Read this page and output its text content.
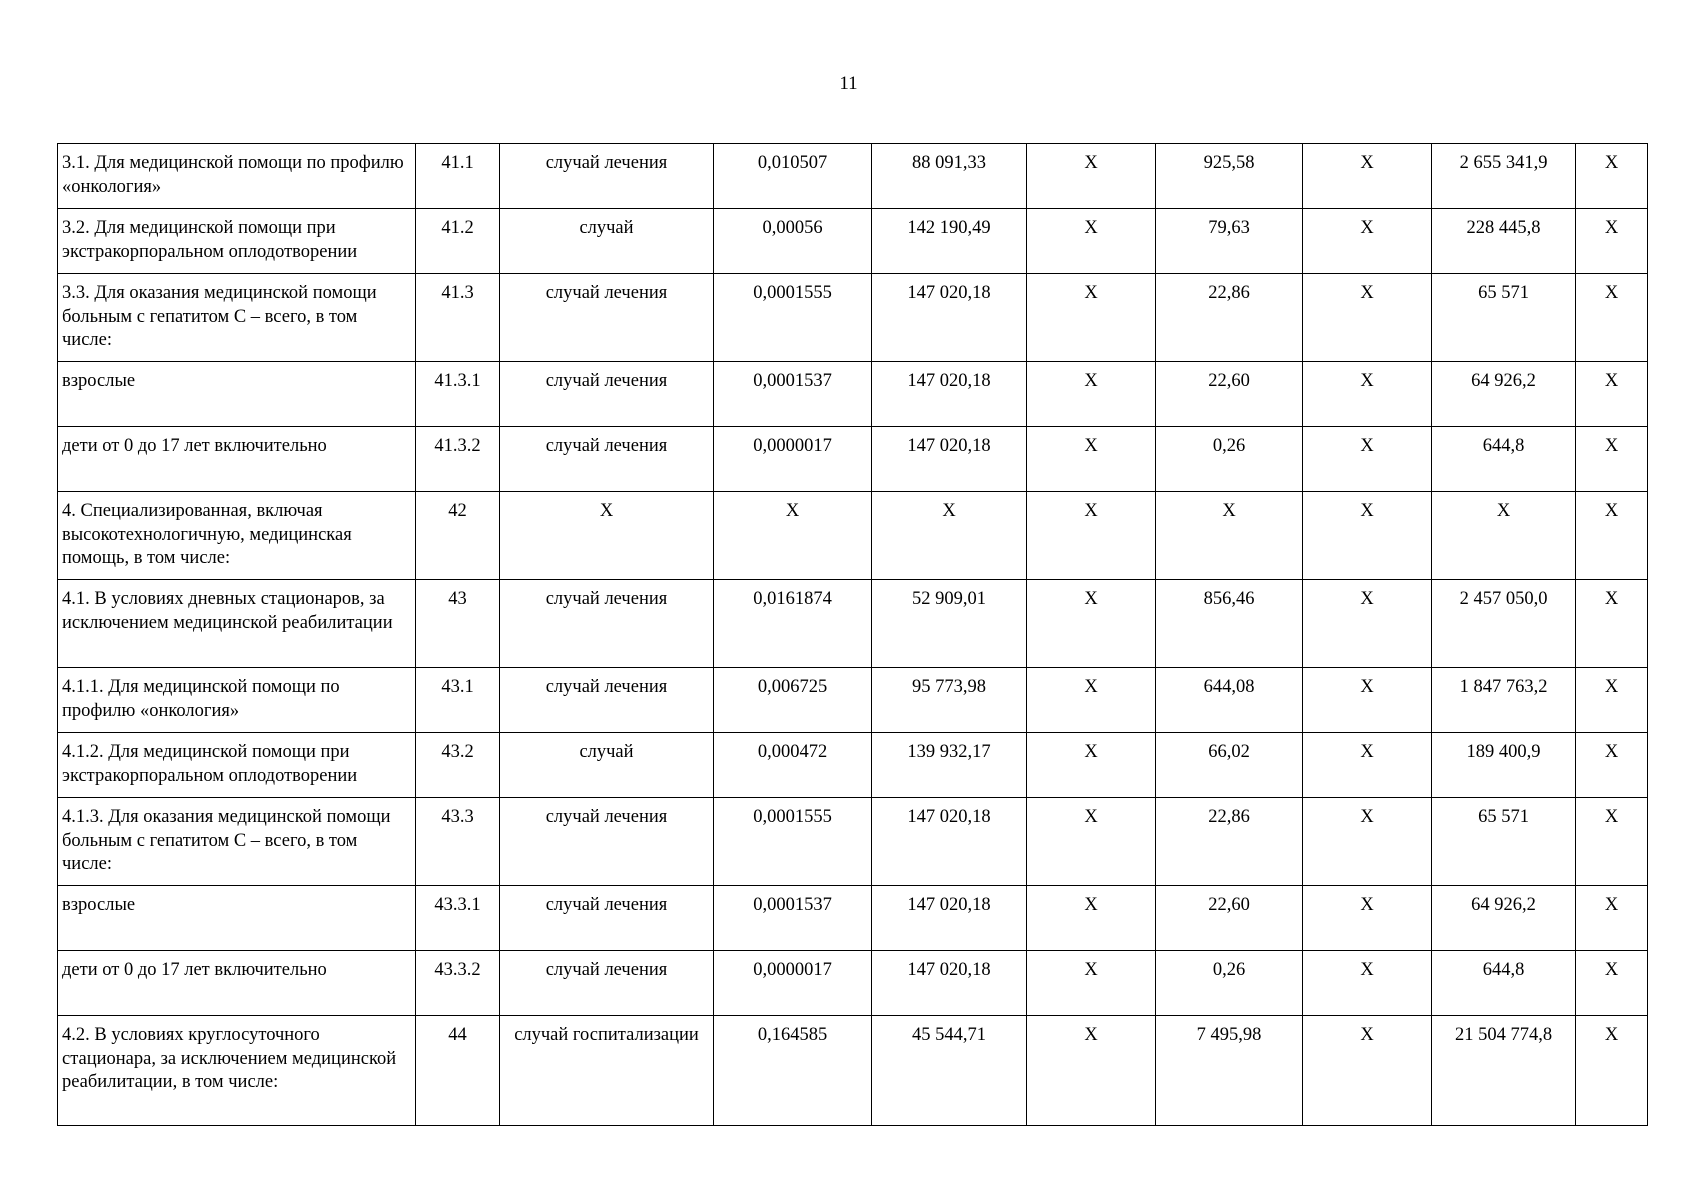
11
3.1. Для медицинской помощи по профилю «онкология»	41.1	случай лечения	0,010507	88 091,33	X	925,58	X	2 655 341,9	X
3.2. Для медицинской помощи при экстракорпоральном оплодотворении	41.2	случай	0,00056	142 190,49	X	79,63	X	228 445,8	X
3.3. Для оказания медицинской помощи больным с гепатитом С – всего, в том числе:	41.3	случай лечения	0,0001555	147 020,18	X	22,86	X	65 571	X
взрослые	41.3.1	случай лечения	0,0001537	147 020,18	X	22,60	X	64 926,2	X
дети от 0 до 17 лет включительно	41.3.2	случай лечения	0,0000017	147 020,18	X	0,26	X	644,8	X
4. Специализированная, включая высокотехнологичную, медицинская помощь, в том числе:	42	X	X	X	X	X	X	X	X
4.1. В условиях дневных стационаров, за исключением медицинской реабилитации	43	случай лечения	0,0161874	52 909,01	X	856,46	X	2 457 050,0	X
4.1.1. Для медицинской помощи по профилю «онкология»	43.1	случай лечения	0,006725	95 773,98	X	644,08	X	1 847 763,2	X
4.1.2. Для медицинской помощи при экстракорпоральном оплодотворении	43.2	случай	0,000472	139 932,17	X	66,02	X	189 400,9	X
4.1.3. Для оказания медицинской помощи больным с гепатитом С – всего, в том числе:	43.3	случай лечения	0,0001555	147 020,18	X	22,86	X	65 571	X
взрослые	43.3.1	случай лечения	0,0001537	147 020,18	X	22,60	X	64 926,2	X
дети от 0 до 17 лет включительно	43.3.2	случай лечения	0,0000017	147 020,18	X	0,26	X	644,8	X
4.2. В условиях круглосуточного стационара, за исключением медицинской реабилитации, в том числе:	44	случай госпитализации	0,164585	45 544,71	X	7 495,98	X	21 504 774,8	X
